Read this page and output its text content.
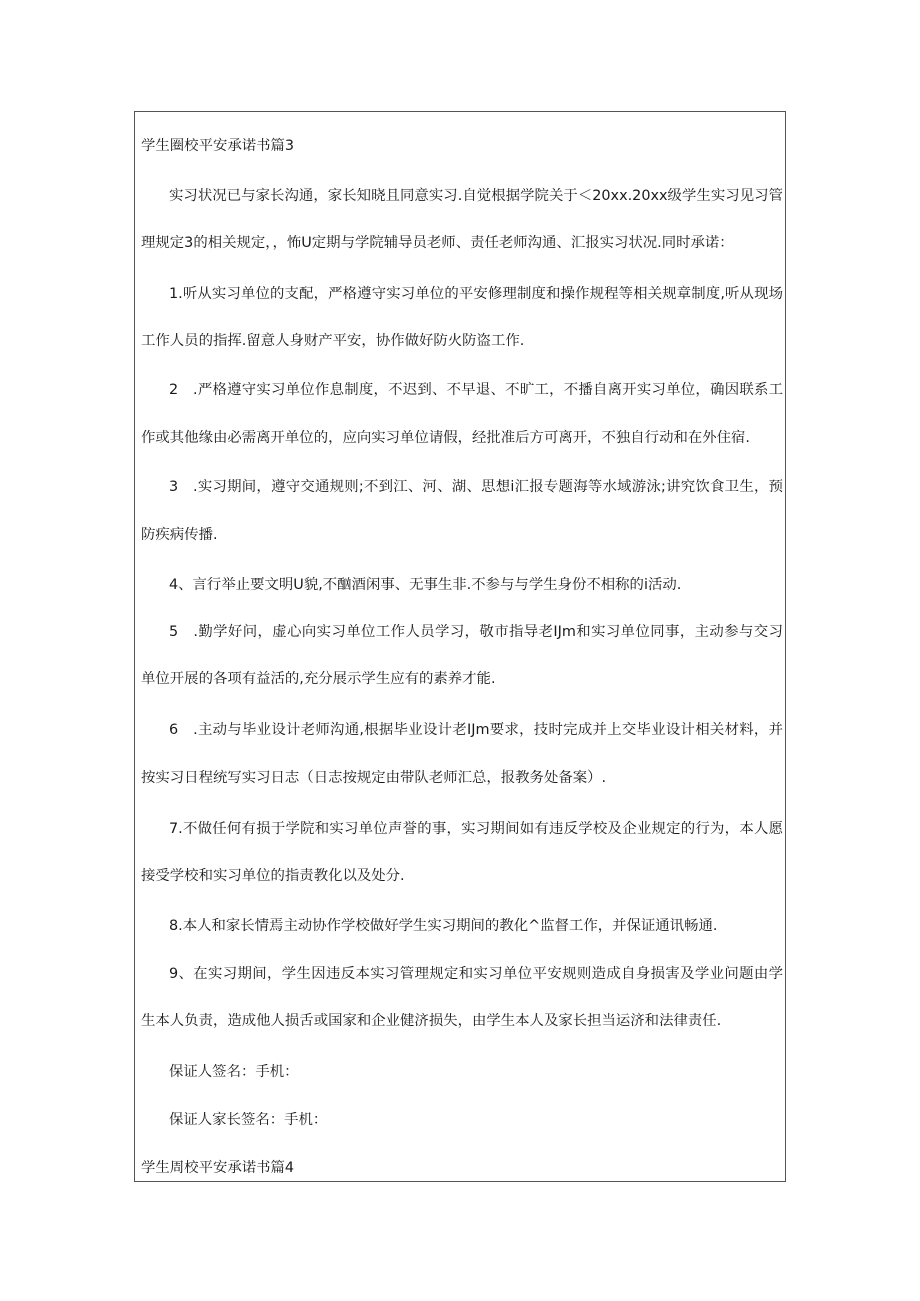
学生圈校平安承诺书篇3
实习状况已与家长沟通，家长知晓且同意实习.自觉根据学院关于＜20xx.20xx级学生实习见习管
理规定3的相关规定，，怖U定期与学院辅导员老师、责任老师沟通、汇报实习状况.同时承诺：
1.听从实习单位的支配，严格遵守实习单位的平安修理制度和操作规程等相关规章制度,听从现场
工作人员的指挥.留意人身财产平安，协作做好防火防盗工作.
2　.严格遵守实习单位作息制度，不迟到、不早退、不旷工，不播自离开实习单位，确因联系工
作或其他缘由必需离开单位的，应向实习单位请假，经批准后方可离开，不独自行动和在外住宿.
3　.实习期间，遵守交通规则;不到江、河、湖、思想i汇报专题海等水域游泳;讲究饮食卫生，预
防疾病传播.
4、言行举止要文明U貌,不酗酒闲事、无事生非.不参与与学生身份不相称的i活动.
5　.勤学好问，虚心向实习单位工作人员学习，敬市指导老IJm和实习单位同事，主动参与交习
单位开展的各项有益活的,充分展示学生应有的素养才能.
6　.主动与毕业设计老师沟通,根据毕业设计老IJm要求，技时完成并上交毕业设计相关材料，并
按实习日程统写实习日志（日志按规定由带队老师汇总，报教务处备案）.
7.不做任何有损于学院和实习单位声誉的事，实习期间如有违反学校及企业规定的行为，本人愿
接受学校和实习单位的指责教化以及处分.
8.本人和家长情焉主动协作学校做好学生实习期间的教化^监督工作，并保证通讯畅通.
9、在实习期间，学生因违反本实习管理规定和实习单位平安规则造成自身损害及学业问题由学
生本人负责，造成他人损舌或国家和企业健济损失，由学生本人及家长担当运济和法律责任.
保证人签名：手机：
保证人家长签名：手机：
学生周校平安承诺书篇4
